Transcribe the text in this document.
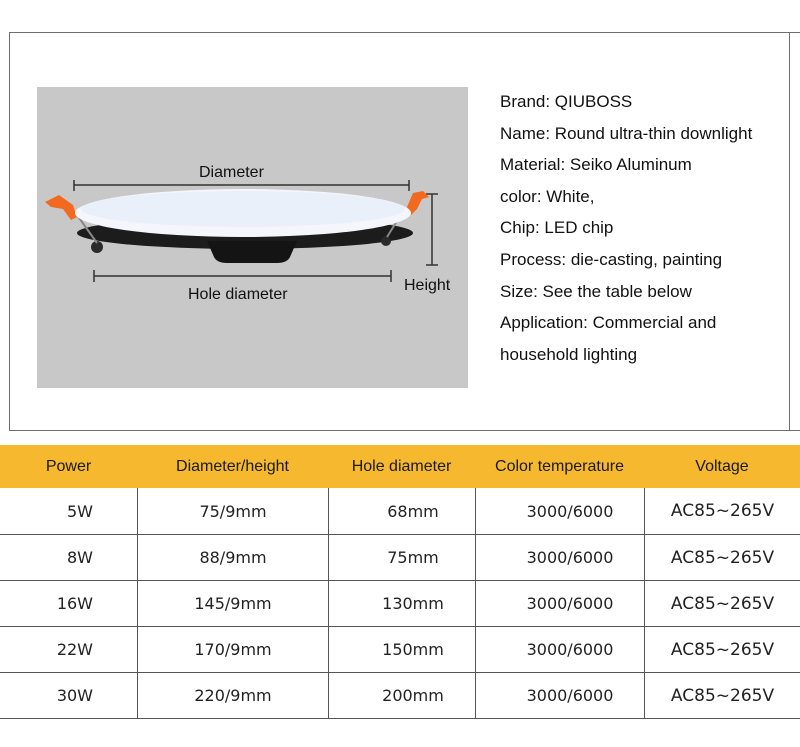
Diameter
Hole diameter
Height
Brand: QIUBOSS
Name: Round ultra-thin downlight
Material: Seiko Aluminum
color: White,
Chip: LED chip
Process: die-casting, painting
Size: See the table below
Application: Commercial and
household lighting
Power	Diameter/height	Hole diameter	Color temperature	Voltage
5W	75/9mm	68mm	3000/6000	AC85~265V
8W	88/9mm	75mm	3000/6000	AC85~265V
16W	145/9mm	130mm	3000/6000	AC85~265V
22W	170/9mm	150mm	3000/6000	AC85~265V
30W	220/9mm	200mm	3000/6000	AC85~265V
